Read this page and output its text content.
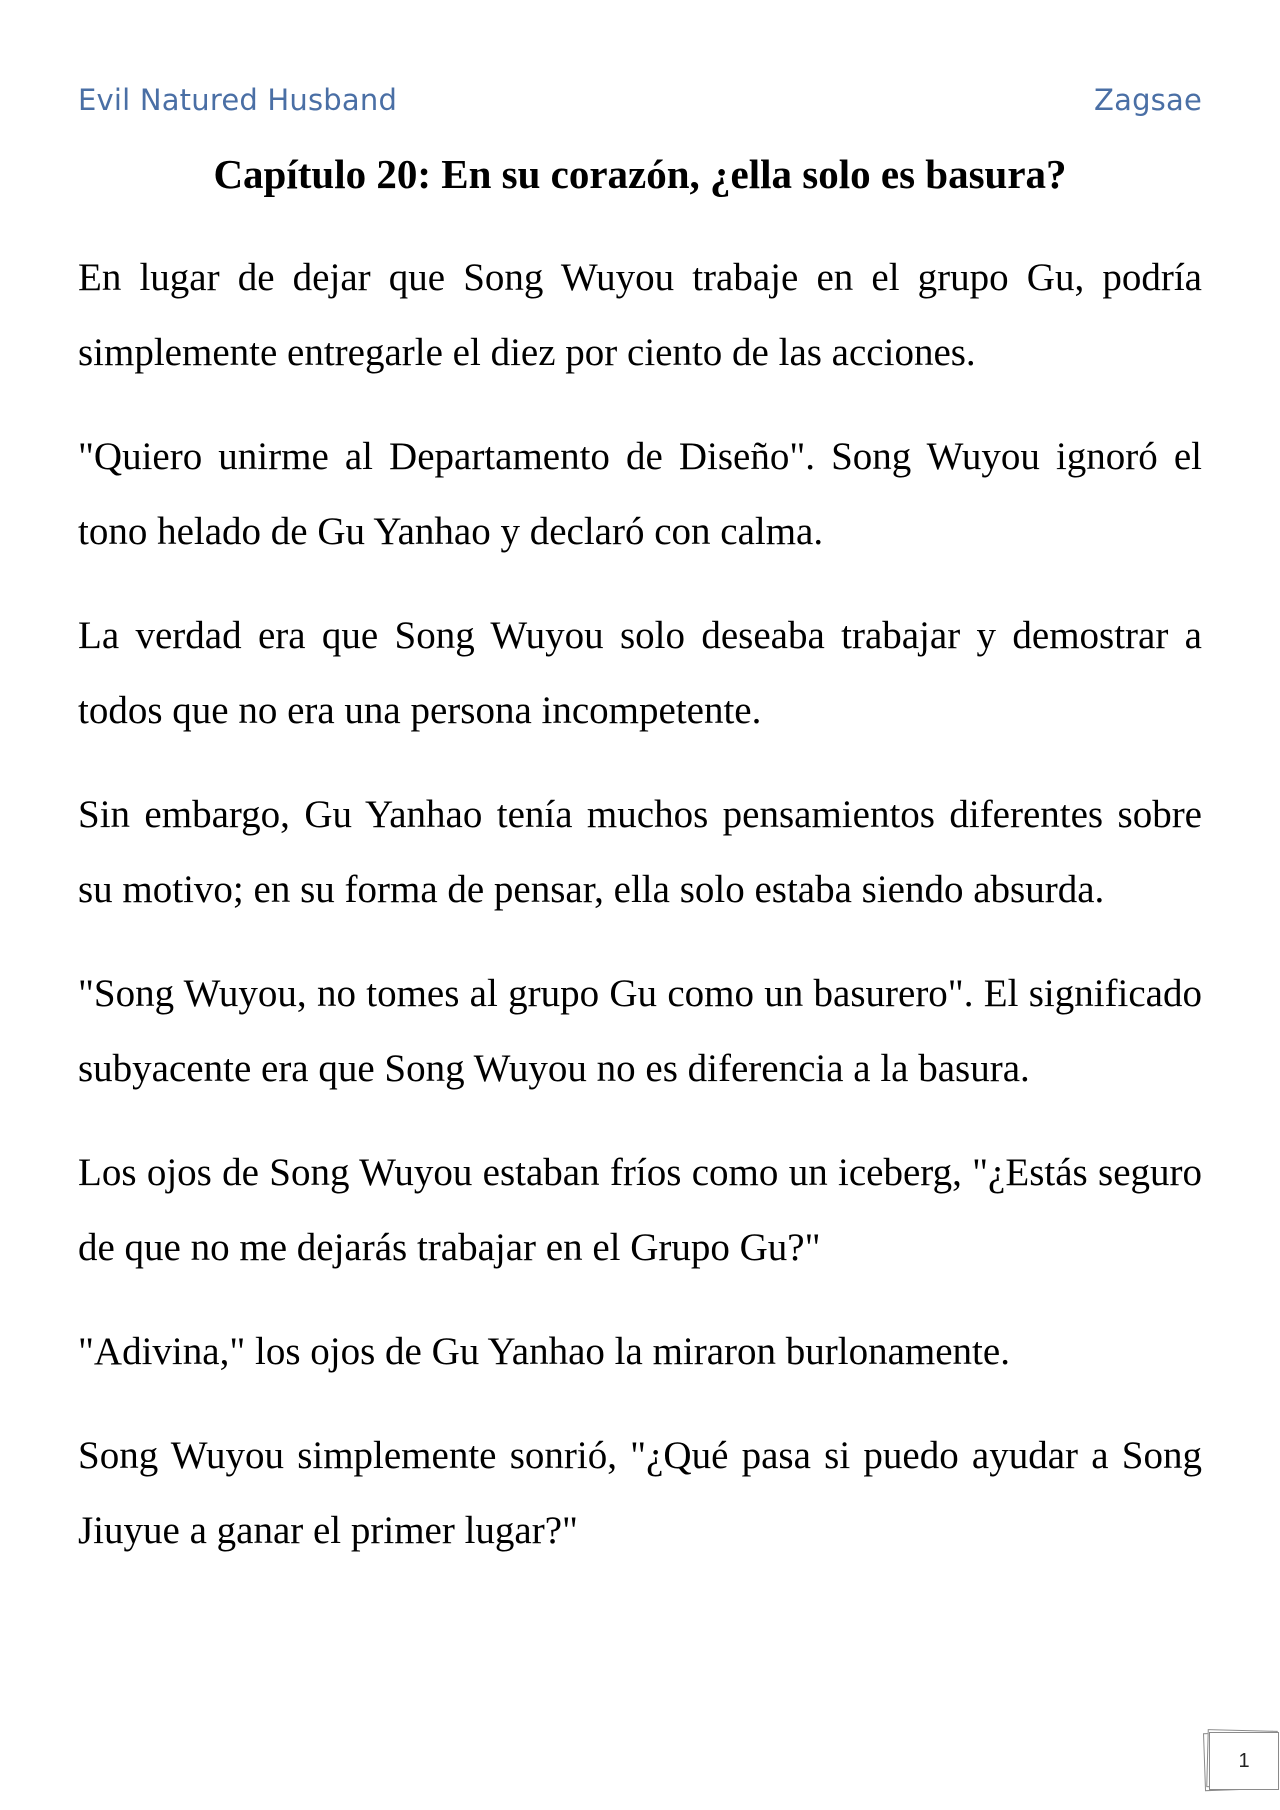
Evil Natured Husband	Zagsae
Capítulo 20: En su corazón, ¿ella solo es basura?

En lugar de dejar que Song Wuyou trabaje en el grupo Gu, podría simplemente entregarle el diez por ciento de las acciones.

"Quiero unirme al Departamento de Diseño". Song Wuyou ignoró el tono helado de Gu Yanhao y declaró con calma.

La verdad era que Song Wuyou solo deseaba trabajar y demostrar a todos que no era una persona incompetente.

Sin embargo, Gu Yanhao tenía muchos pensamientos diferentes sobre su motivo; en su forma de pensar, ella solo estaba siendo absurda.

"Song Wuyou, no tomes al grupo Gu como un basurero". El significado subyacente era que Song Wuyou no es diferencia a la basura.

Los ojos de Song Wuyou estaban fríos como un iceberg, "¿Estás seguro de que no me dejarás trabajar en el Grupo Gu?"

"Adivina," los ojos de Gu Yanhao la miraron burlonamente.

Song Wuyou simplemente sonrió, "¿Qué pasa si puedo ayudar a Song Jiuyue a ganar el primer lugar?"

1
